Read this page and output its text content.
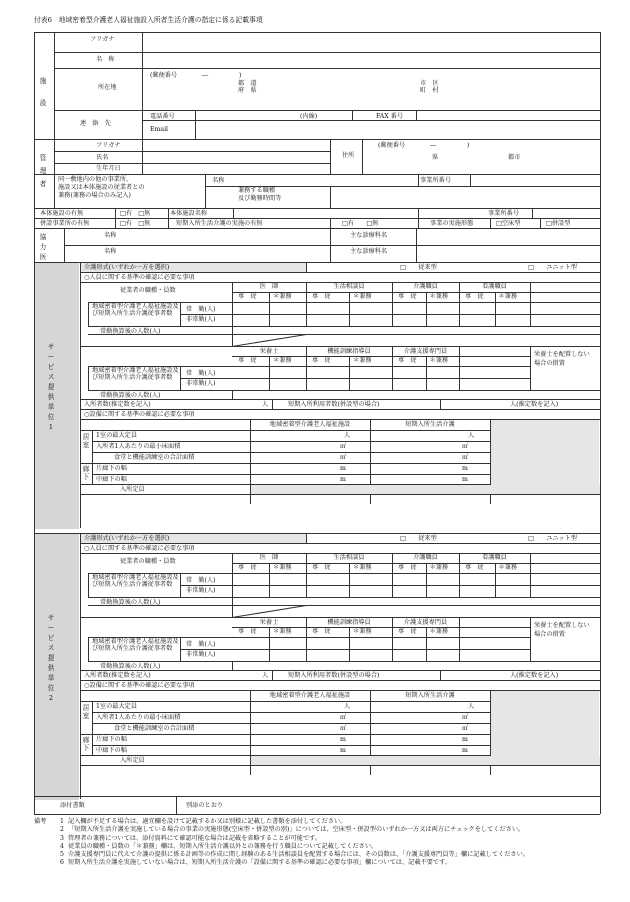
付表6　地域密着型介護老人福祉施設入所者生活介護の指定に係る記載事項
施設
フリガナ
名　称
(郵便番号　　　　―　　　　　)
所在地
都　道
府　県
市　区
町　村
電話番号	(内線)	FAX 番号
Email
連　絡　先
管理者
フリガナ
氏名
生年月日
住所
(郵便番号　　　　―　　　　　)
県	都市
同一敷地内の他の事業所、
施設又は本体施設の従業者との
兼務(兼務の場合のみ記入)
名称	事業所番号
兼務する職種
及び勤務時間等
本体施設の有無	□有　□無	本体施設名称	事業所番号
併設事業所の有無	□有　□無	短期入所生活介護の実施の有無	□有　　□無	事業の実施形態	□空床型	□併設型
協力医
名称	主な診療科名
名称	主な診療科名
サービス提供単位1
介護形式(いずれか一方を選択)	□　　従来型	□　　ユニット型
○人員に関する基準の確認に必要な事項
従業者の職種・員数
医　師
専　従	＊兼務
生活相談員
専　従	＊兼務
介護職員
専　従 ＊兼務
看護職員
専　従 ＊兼務
地域密着型介護老人福祉施設及び短期入所生活介護従事者数
常　勤(人)
非常勤(人)
常勤換算後の人数(人)
栄養士
専　従	＊兼務
機能訓練指導員
専　従	＊兼務
介護支援専門員
専　従 ＊兼務
栄養士を配置しない
場合の措置
地域密着型介護老人福祉施設及び短期入所生活介護従事者数
常　勤(人)
非常勤(人)
常勤換算後の人数(人)
入所者数(推定数を記入)	人	短期入所利用者数(併設型の場合)	人(推定数を記入)
○設備に関する基準の確認に必要な事項
地域密着型介護老人福祉施設	短期入所生活介護
居室
1室の最大定員	人	人
入所者1人あたりの最小床面積	㎡	㎡
食堂と機能訓練室の合計面積	㎡	㎡
廊下
片廊下の幅	m	m
中廊下の幅	m	m
入所定員
サービス提供単位2
介護形式(いずれか一方を選択)	□　　従来型	□　　ユニット型
○人員に関する基準の確認に必要な事項
従業者の職種・員数
医　師
専　従	＊兼務
生活相談員
専　従	＊兼務
介護職員
専　従 ＊兼務
看護職員
専　従 ＊兼務
地域密着型介護老人福祉施設及び短期入所生活介護従事者数
常　勤(人)
非常勤(人)
常勤換算後の人数(人)
栄養士
専　従	＊兼務
機能訓練指導員
専　従	＊兼務
介護支援専門員
専　従 ＊兼務
栄養士を配置しない
場合の措置
地域密着型介護老人福祉施設及び短期入所生活介護従事者数
常　勤(人)
非常勤(人)
常勤換算後の人数(人)
入所者数(推定数を記入)	人	短期入所利用者数(併設型の場合)	人(推定数を記入)
○設備に関する基準の確認に必要な事項
地域密着型介護老人福祉施設	短期入所生活介護
居室
1室の最大定員	人	人
入所者1人あたりの最小床面積	㎡	㎡
食堂と機能訓練室の合計面積	㎡	㎡
廊下
片廊下の幅	m	m
中廊下の幅	m	m
入所定員
添付書類	別添のとおり
備考	1 記入欄が不足する場合は、適宜欄を設けて記載するか又は別様に記載した書類を添付してください。
2 「短期入所生活介護を実施している場合の事業の実施形態(空床型・併設型の別)」については、空床型・併設型のいずれか一方又は両方にチェックをしてください。
3 管理者の兼務については、添付資料にて確認可能な場合は記載を省略することが可能です。
4 従業員の職種・員数の「＊兼務」欄は、短期入所生活介護以外との兼務を行う職員について記載してください。
5 介護支援専門員に代えて介護の提供に係る計画等の作成に関し経験のある生活相談員を配置する場合には、その員数は、「介護支援専門員等」欄に記載してください。
6 短期入所生活介護を実施していない場合は、短期入所生活介護の「設備に関する基準の確認に必要な事項」欄については、記載不要です。
